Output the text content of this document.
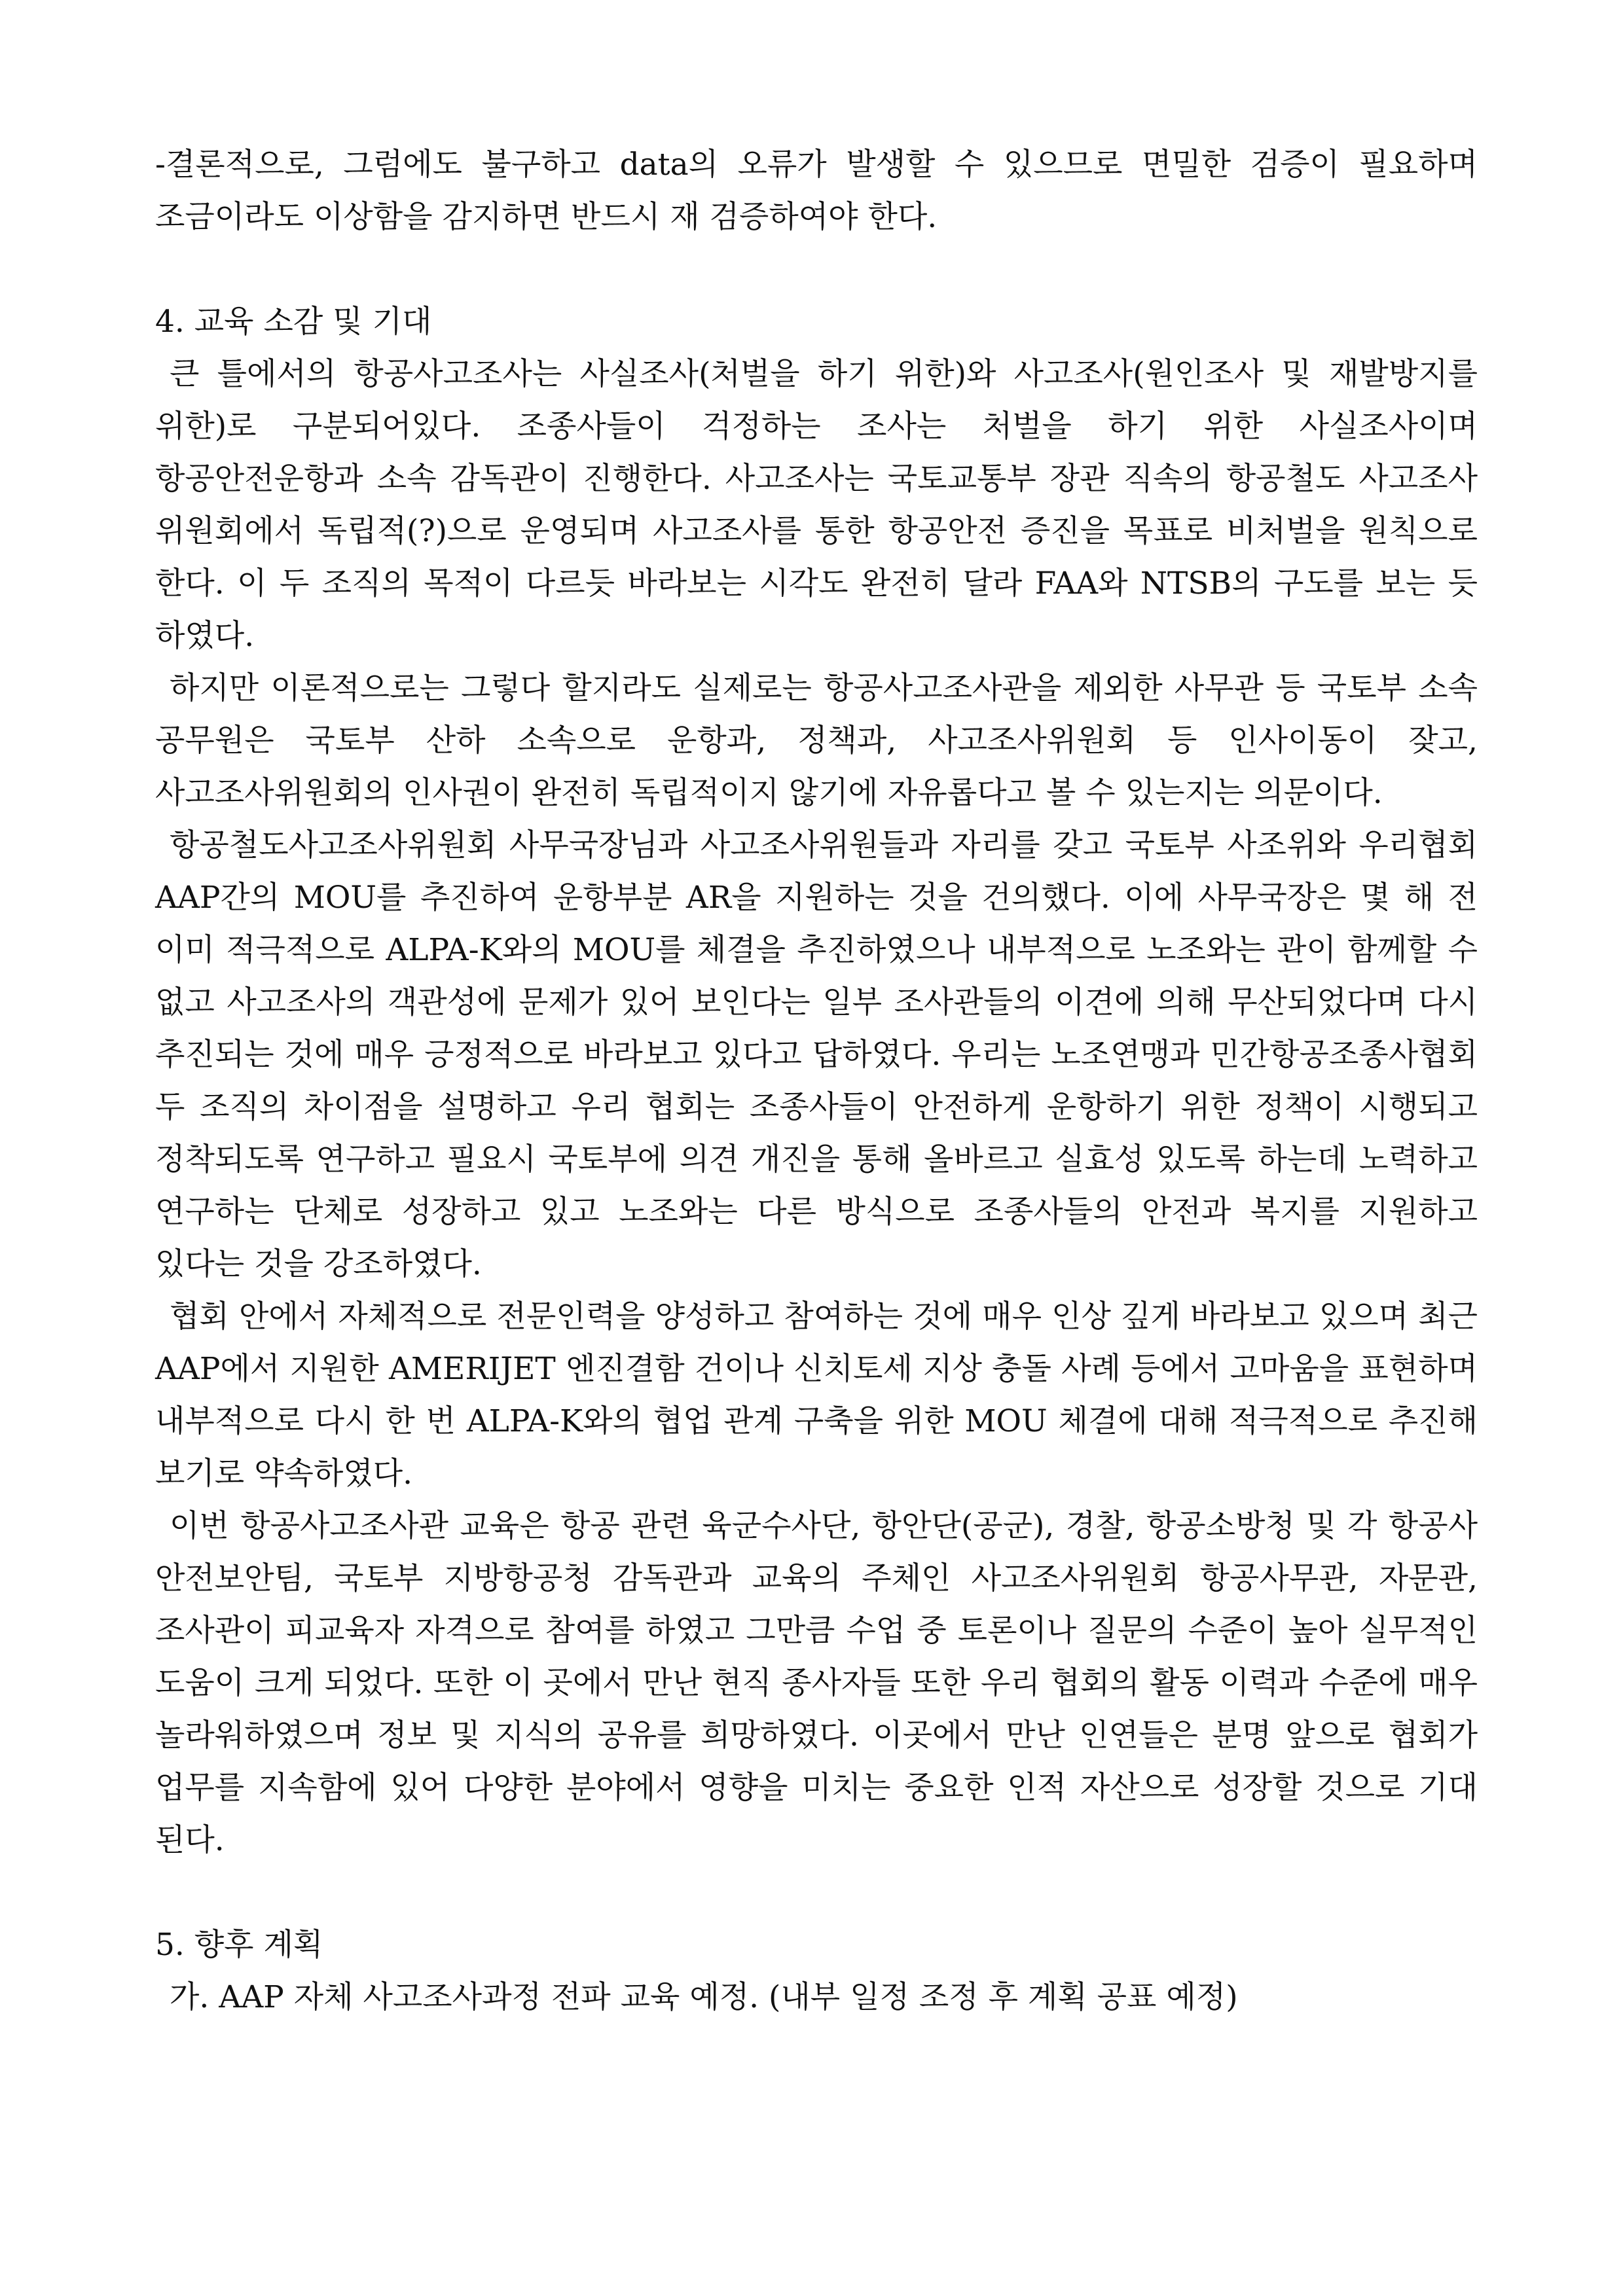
-결론적으로, 그럼에도 불구하고 data의 오류가 발생할 수 있으므로 면밀한 검증이 필요하며 조금이라도 이상함을 감지하면 반드시 재 검증하여야 한다.

4. 교육 소감 및 기대

큰 틀에서의 항공사고조사는 사실조사(처벌을 하기 위한)와 사고조사(원인조사 및 재발방지를 위한)로 구분되어있다. 조종사들이 걱정하는 조사는 처벌을 하기 위한 사실조사이며 항공안전운항과 소속 감독관이 진행한다. 사고조사는 국토교통부 장관 직속의 항공철도 사고조사 위원회에서 독립적(?)으로 운영되며 사고조사를 통한 항공안전 증진을 목표로 비처벌을 원칙으로 한다. 이 두 조직의 목적이 다르듯 바라보는 시각도 완전히 달라 FAA와 NTSB의 구도를 보는 듯 하였다.

하지만 이론적으로는 그렇다 할지라도 실제로는 항공사고조사관을 제외한 사무관 등 국토부 소속 공무원은 국토부 산하 소속으로 운항과, 정책과, 사고조사위원회 등 인사이동이 잦고, 사고조사위원회의 인사권이 완전히 독립적이지 않기에 자유롭다고 볼 수 있는지는 의문이다.

항공철도사고조사위원회 사무국장님과 사고조사위원들과 자리를 갖고 국토부 사조위와 우리협회 AAP간의 MOU를 추진하여 운항부분 AR을 지원하는 것을 건의했다. 이에 사무국장은 몇 해 전 이미 적극적으로 ALPA-K와의 MOU를 체결을 추진하였으나 내부적으로 노조와는 관이 함께할 수 없고 사고조사의 객관성에 문제가 있어 보인다는 일부 조사관들의 이견에 의해 무산되었다며 다시 추진되는 것에 매우 긍정적으로 바라보고 있다고 답하였다. 우리는 노조연맹과 민간항공조종사협회 두 조직의 차이점을 설명하고 우리 협회는 조종사들이 안전하게 운항하기 위한 정책이 시행되고 정착되도록 연구하고 필요시 국토부에 의견 개진을 통해 올바르고 실효성 있도록 하는데 노력하고 연구하는 단체로 성장하고 있고 노조와는 다른 방식으로 조종사들의 안전과 복지를 지원하고 있다는 것을 강조하였다.

협회 안에서 자체적으로 전문인력을 양성하고 참여하는 것에 매우 인상 깊게 바라보고 있으며 최근 AAP에서 지원한 AMERIJET 엔진결함 건이나 신치토세 지상 충돌 사례 등에서 고마움을 표현하며 내부적으로 다시 한 번 ALPA-K와의 협업 관계 구축을 위한 MOU 체결에 대해 적극적으로 추진해 보기로 약속하였다.

이번 항공사고조사관 교육은 항공 관련 육군수사단, 항안단(공군), 경찰, 항공소방청 및 각 항공사 안전보안팀, 국토부 지방항공청 감독관과 교육의 주체인 사고조사위원회 항공사무관, 자문관, 조사관이 피교육자 자격으로 참여를 하였고 그만큼 수업 중 토론이나 질문의 수준이 높아 실무적인 도움이 크게 되었다. 또한 이 곳에서 만난 현직 종사자들 또한 우리 협회의 활동 이력과 수준에 매우 놀라워하였으며 정보 및 지식의 공유를 희망하였다. 이곳에서 만난 인연들은 분명 앞으로 협회가 업무를 지속함에 있어 다양한 분야에서 영향을 미치는 중요한 인적 자산으로 성장할 것으로 기대 된다.

5. 향후 계획

가. AAP 자체 사고조사과정 전파 교육 예정. (내부 일정 조정 후 계획 공표 예정)
